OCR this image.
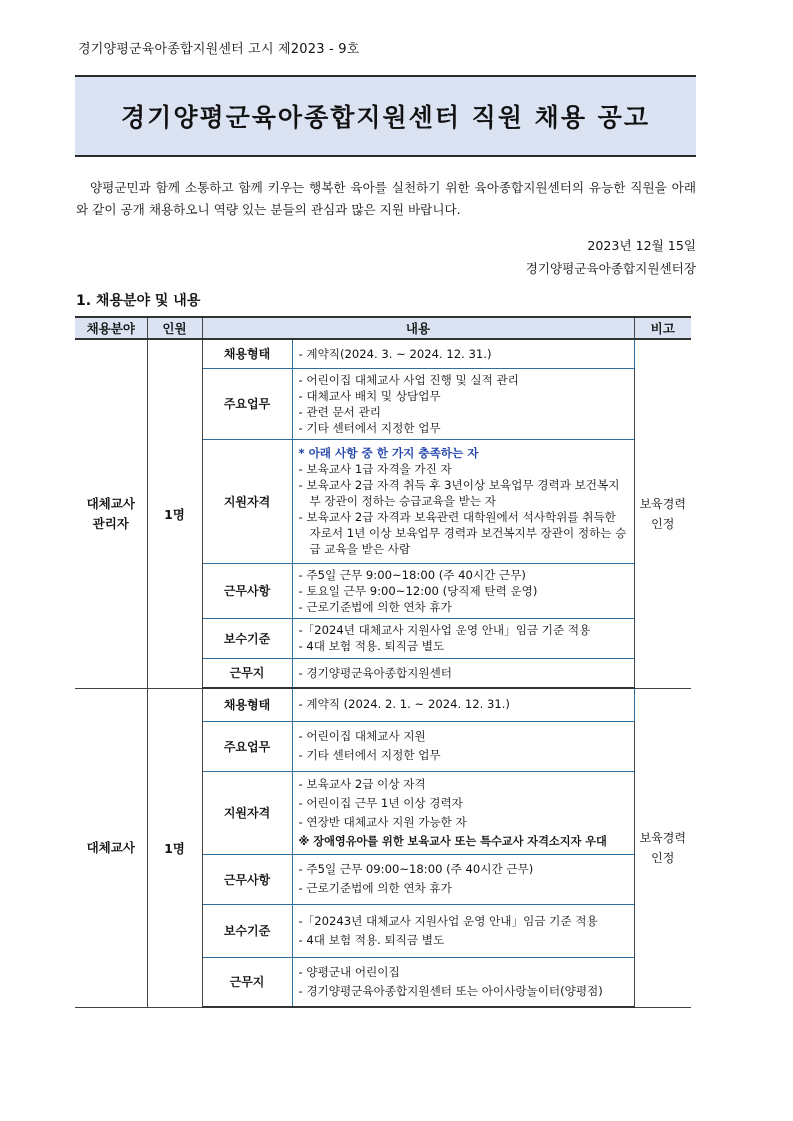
경기양평군육아종합지원센터 고시 제2023 - 9호
경기양평군육아종합지원센터 직원 채용 공고
양평군민과 함께 소통하고 함께 키우는 행복한 육아를 실천하기 위한 육아종합지원센터의 유능한 직원을 아래와 같이 공개 채용하오니 역량 있는 분들의 관심과 많은 지원 바랍니다.
2023년 12월 15일
경기양평군육아종합지원센터장
1. 채용분야 및 내용
채용분야	인원	내용		비고

대체교사
관리자	1명	채용형태	- 계약직(2024. 3. ~ 2024. 12. 31.)	보육경력
인정

		주요업무	- 어린이집 대체교사 사업 진행 및 실적 관리
- 대체교사 배치 및 상담업무
- 관련 문서 관리
- 기타 센터에서 지정한 업무	

		지원자격	* 아래 사항 중 한 가지 충족하는 자
- 보육교사 1급 자격을 가진 자
- 보육교사 2급 자격 취득 후 3년이상 보육업무 경력과 보건복지부 장관이 정하는 승급교육을 받는 자
- 보육교사 2급 자격과 보육관련 대학원에서 석사학위를 취득한 자로서 1년 이상 보육업무 경력과 보건복지부 장관이 정하는 승급 교육을 받은 사람	

		근무사항	- 주5일 근무 9:00~18:00 (주 40시간 근무)
- 토요일 근무 9:00~12:00 (당직제 탄력 운영)
- 근로기준법에 의한 연차 휴가	

		보수기준	-「2024년 대체교사 지원사업 운영 안내」임금 기준 적용
- 4대 보험 적용. 퇴직금 별도	

		근무지	- 경기양평군육아종합지원센터	

대체교사	1명	채용형태	- 계약직 (2024. 2. 1. ~ 2024. 12. 31.)	보육경력
인정

		주요업무	- 어린이집 대체교사 지원
- 기타 센터에서 지정한 업무	

		지원자격	- 보육교사 2급 이상 자격
- 어린이집 근무 1년 이상 경력자
- 연장반 대체교사 지원 가능한 자
※ 장애영유아를 위한 보육교사 또는 특수교사 자격소지자 우대	

		근무사항	- 주5일 근무 09:00~18:00 (주 40시간 근무)
- 근로기준법에 의한 연차 휴가	

		보수기준	-「20243년 대체교사 지원사업 운영 안내」임금 기준 적용
- 4대 보험 적용. 퇴직금 별도	

		근무지	- 양평군내 어린이집
- 경기양평군육아종합지원센터 또는 아이사랑놀이터(양평점)	
